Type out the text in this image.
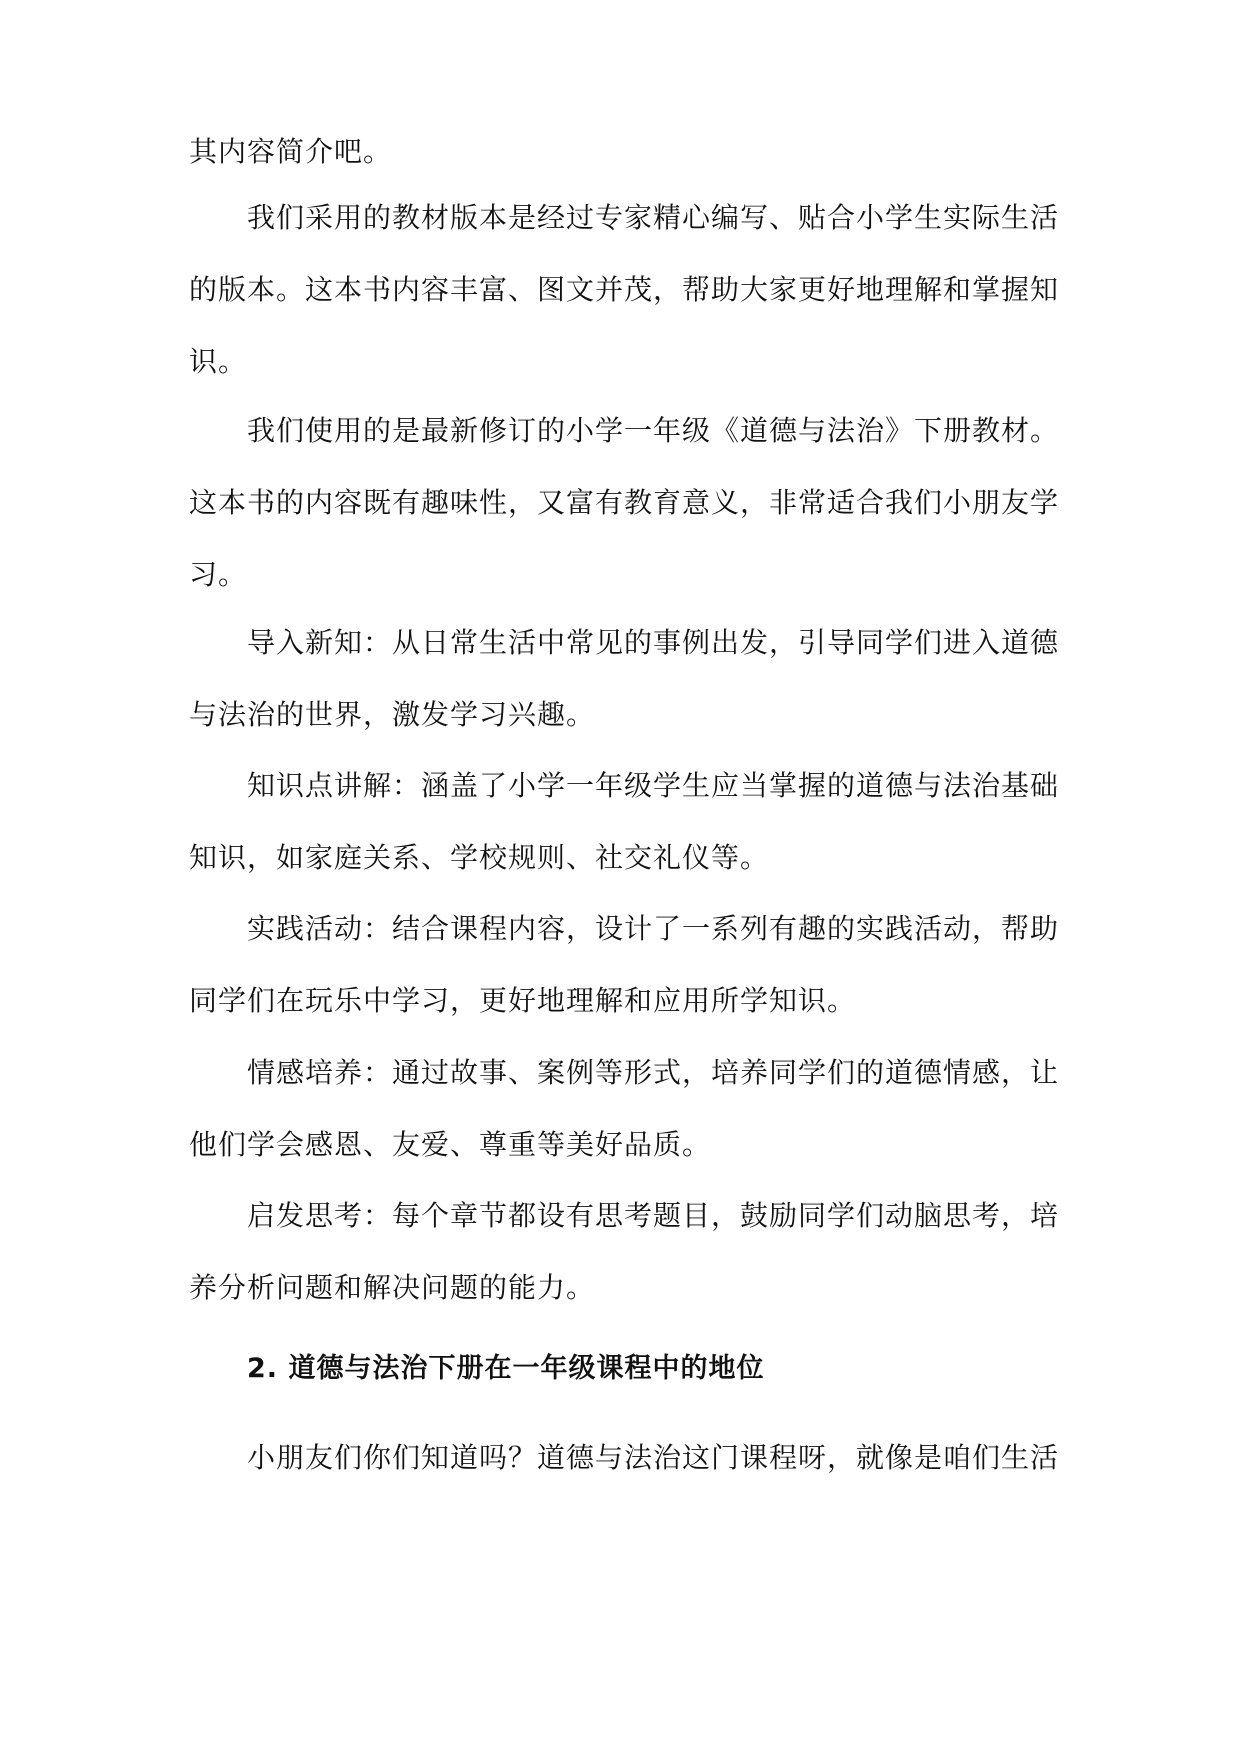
其内容简介吧。
我们采用的教材版本是经过专家精心编写、贴合小学生实际生活
的版本。这本书内容丰富、图文并茂，帮助大家更好地理解和掌握知
识。
我们使用的是最新修订的小学一年级《道德与法治》下册教材。
这本书的内容既有趣味性，又富有教育意义，非常适合我们小朋友学
习。
导入新知：从日常生活中常见的事例出发，引导同学们进入道德
与法治的世界，激发学习兴趣。
知识点讲解：涵盖了小学一年级学生应当掌握的道德与法治基础
知识，如家庭关系、学校规则、社交礼仪等。
实践活动：结合课程内容，设计了一系列有趣的实践活动，帮助
同学们在玩乐中学习，更好地理解和应用所学知识。
情感培养：通过故事、案例等形式，培养同学们的道德情感，让
他们学会感恩、友爱、尊重等美好品质。
启发思考：每个章节都设有思考题目，鼓励同学们动脑思考，培
养分析问题和解决问题的能力。
2. 道德与法治下册在一年级课程中的地位
小朋友们你们知道吗？道德与法治这门课程呀，就像是咱们生活
